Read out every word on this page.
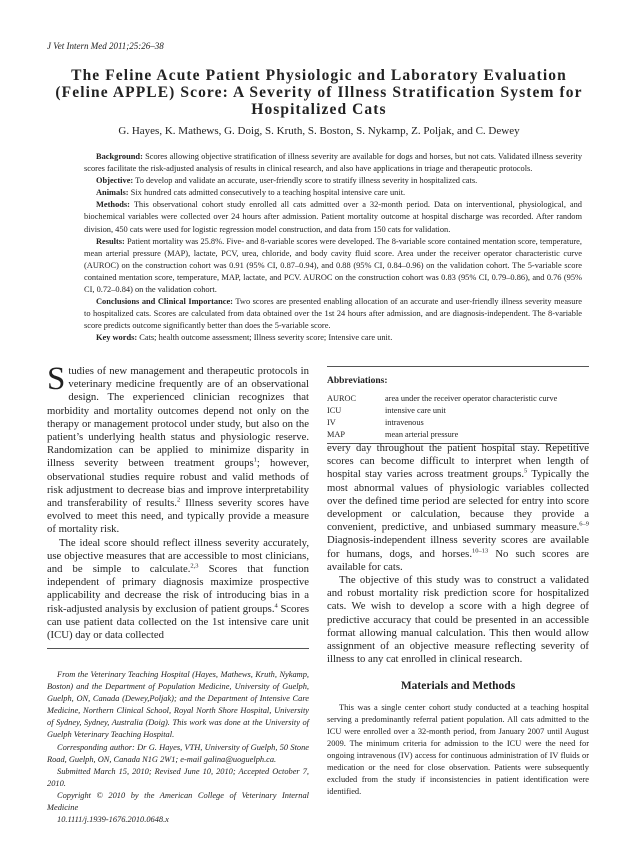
J Vet Intern Med 2011;25:26–38
The Feline Acute Patient Physiologic and Laboratory Evaluation (Feline APPLE) Score: A Severity of Illness Stratification System for Hospitalized Cats
G. Hayes, K. Mathews, G. Doig, S. Kruth, S. Boston, S. Nykamp, Z. Poljak, and C. Dewey

Background: Scores allowing objective stratification of illness severity are available for dogs and horses, but not cats. Validated illness severity scores facilitate the risk-adjusted analysis of results in clinical research, and also have applications in triage and therapeutic protocols.

Objective: To develop and validate an accurate, user-friendly score to stratify illness severity in hospitalized cats.

Animals: Six hundred cats admitted consecutively to a teaching hospital intensive care unit.

Methods: This observational cohort study enrolled all cats admitted over a 32-month period. Data on interventional, physiological, and biochemical variables were collected over 24 hours after admission. Patient mortality outcome at hospital discharge was recorded. After random division, 450 cats were used for logistic regression model construction, and data from 150 cats for validation.

Results: Patient mortality was 25.8%. Five- and 8-variable scores were developed. The 8-variable score contained mentation score, temperature, mean arterial pressure (MAP), lactate, PCV, urea, chloride, and body cavity fluid score. Area under the receiver operator characteristic curve (AUROC) on the construction cohort was 0.91 (95% CI, 0.87–0.94), and 0.88 (95% CI, 0.84–0.96) on the validation cohort. The 5-variable score contained mentation score, temperature, MAP, lactate, and PCV. AUROC on the construction cohort was 0.83 (95% CI, 0.79–0.86), and 0.76 (95% CI, 0.72–0.84) on the validation cohort.

Conclusions and Clinical Importance: Two scores are presented enabling allocation of an accurate and user-friendly illness severity measure to hospitalized cats. Scores are calculated from data obtained over the 1st 24 hours after admission, and are diagnosis-independent. The 8-variable score predicts outcome significantly better than does the 5-variable score.

Key words: Cats; health outcome assessment; Illness severity score; Intensive care unit.

Studies of new management and therapeutic protocols in veterinary medicine frequently are of an observational design. The experienced clinician recognizes that morbidity and mortality outcomes depend not only on the therapy or management protocol under study, but also on the patient’s underlying health status and physiologic reserve. Randomization can be applied to minimize disparity in illness severity between treatment groups$^1$; however, observational studies require robust and valid methods of risk adjustment to decrease bias and improve interpretability and transferability of results.$^2$ Illness severity scores have evolved to meet this need, and typically provide a measure of mortality risk.

The ideal score should reflect illness severity accurately, use objective measures that are accessible to most clinicians, and be simple to calculate.$^{2,3}$ Scores that function independent of primary diagnosis maximize prospective applicability and decrease the risk of introducing bias in a risk-adjusted analysis by exclusion of patient groups.$^4$ Scores can use patient data collected on the 1st intensive care unit (ICU) day or data collected

From the Veterinary Teaching Hospital (Hayes, Mathews, Kruth, Nykamp, Boston) and the Department of Population Medicine, University of Guelph, Guelph, ON, Canada (Dewey,Poljak); and the Department of Intensive Care Medicine, Northern Clinical School, Royal North Shore Hospital, University of Sydney, Sydney, Australia (Doig). This work was done at the University of Guelph Veterinary Teaching Hospital.

Corresponding author: Dr G. Hayes, VTH, University of Guelph, 50 Stone Road, Guelph, ON, Canada N1G 2W1; e-mail galina@uoguelph.ca.

Submitted March 15, 2010; Revised June 10, 2010; Accepted October 7, 2010.

Copyright © 2010 by the American College of Veterinary Internal Medicine

10.1111/j.1939-1676.2010.0648.x

Abbreviations:
AUROC	area under the receiver operator characteristic curve
ICU	intensive care unit
IV	intravenous
MAP	mean arterial pressure

every day throughout the patient hospital stay. Repetitive scores can become difficult to interpret when length of hospital stay varies across treatment groups.$^5$ Typically the most abnormal values of physiologic variables collected over the defined time period are selected for entry into score development or calculation, because they provide a convenient, predictive, and unbiased summary measure.$^{6-9}$ Diagnosis-independent illness severity scores are available for humans, dogs, and horses.$^{10-13}$ No such scores are available for cats.

The objective of this study was to construct a validated and robust mortality risk prediction score for hospitalized cats. We wish to develop a score with a high degree of predictive accuracy that could be presented in an accessible format allowing manual calculation. This then would allow assignment of an objective measure reflecting severity of illness to any cat enrolled in clinical research.

Materials and Methods

This was a single center cohort study conducted at a teaching hospital serving a predominantly referral patient population. All cats admitted to the ICU were enrolled over a 32-month period, from January 2007 until August 2009. The minimum criteria for admission to the ICU were the need for ongoing intravenous (IV) access for continuous administration of IV fluids or medication or the need for close observation. Patients were subsequently excluded from the study if inconsistencies in patient identification were identified.
